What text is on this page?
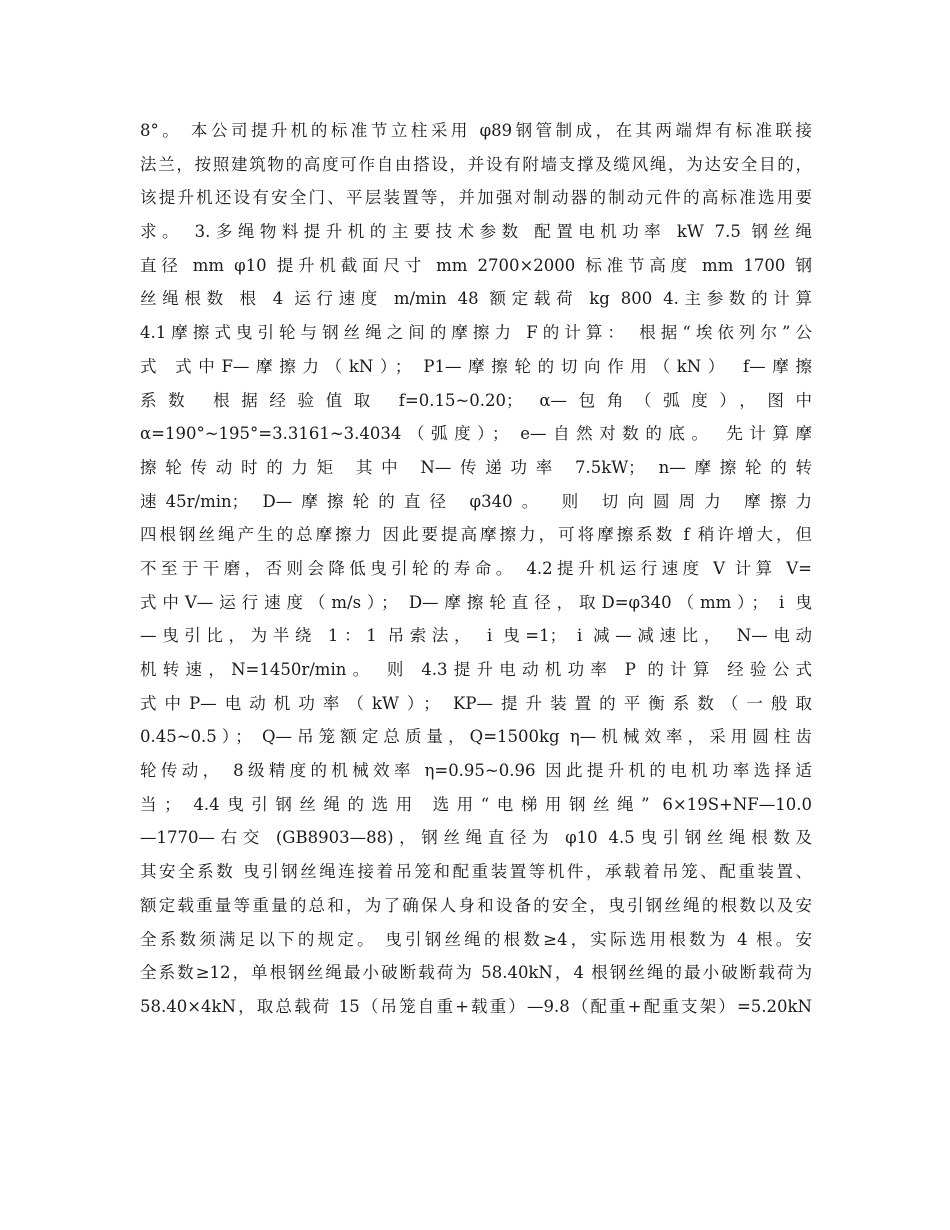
8°。 本公司提升机的标准节立柱采用 φ89钢管制成，在其两端焊有标准联接
法兰，按照建筑物的高度可作自由搭设，并设有附墙支撑及缆风绳，为达安全目的，
该提升机还设有安全门、平层装置等，并加强对制动器的制动元件的高标准选用要
求。 3.多绳物料提升机的主要技术参数 配置电机功率 kW 7.5 钢丝绳
直径 mm φ10 提升机截面尺寸 mm 2700×2000 标准节高度 mm 1700 钢
丝绳根数 根 4 运行速度 m/min 48 额定载荷 kg 800 4.主参数的计算
4.1摩擦式曳引轮与钢丝绳之间的摩擦力 F的计算： 根据“埃依列尔”公
式 式中F—摩擦力（kN）； P1—摩擦轮的切向作用（kN） f—摩擦
系数 根据经验值取 f=0.15~0.20； α—包角（弧度），图中
α=190°~195°=3.3161~3.4034（弧度）； e—自然对数的底。 先计算摩
擦轮传动时的力矩 其中 N—传递功率 7.5kW； n—摩擦轮的转
速45r/min； D—摩擦轮的直径 φ340。 则 切向圆周力 摩擦力
四根钢丝绳产生的总摩擦力 因此要提高摩擦力，可将摩擦系数 f 稍许增大，但
不至于干磨，否则会降低曳引轮的寿命。 4.2提升机运行速度 V 计算 V=
式中V—运行速度（m/s）； D—摩擦轮直径，取D=φ340（mm）； i 曳
—曳引比，为半绕 1：1 吊索法， i 曳=1； i 减—减速比， N—电动
机转速，N=1450r/min。 则 4.3提升电动机功率 P 的计算 经验公式
式中P—电动机功率（kW）； KP—提升装置的平衡系数（一般取
0.45~0.5）； Q—吊笼额定总质量，Q=1500kg η—机械效率，采用圆柱齿
轮传动， 8级精度的机械效率 η=0.95~0.96 因此提升机的电机功率选择适
当； 4.4曳引钢丝绳的选用 选用“电梯用钢丝绳” 6×19S+NF—10.0
—1770—右交 (GB8903—88)，钢丝绳直径为 φ10 4.5曳引钢丝绳根数及
其安全系数 曳引钢丝绳连接着吊笼和配重装置等机件，承载着吊笼、配重装置、
额定载重量等重量的总和，为了确保人身和设备的安全，曳引钢丝绳的根数以及安
全系数须满足以下的规定。 曳引钢丝绳的根数≥4，实际选用根数为 4 根。安
全系数≥12，单根钢丝绳最小破断载荷为 58.40kN，4 根钢丝绳的最小破断载荷为
58.40×4kN，取总载荷 15（吊笼自重+载重）—9.8（配重+配重支架）=5.20kN
